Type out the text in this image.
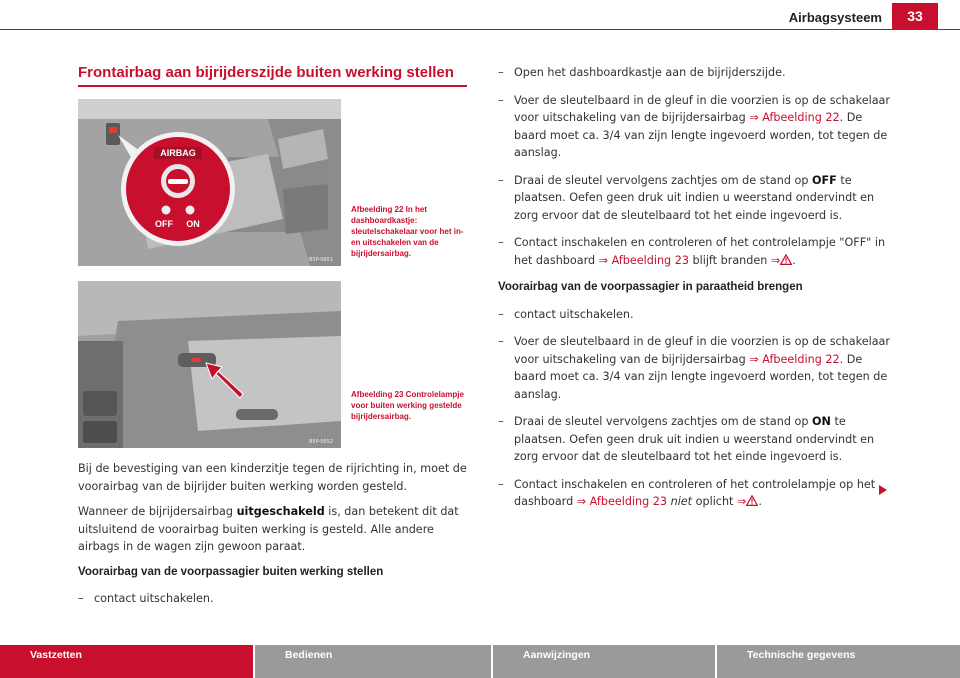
Airbagsysteem	33
Frontairbag aan bijrijderszijde buiten werking stellen
AIRBAG
OFF ON
B5P-0651
Afbeelding 22 In het dashboardkastje: sleutelschakelaar voor het in- en uitschakelen van de bijrijdersairbag.
B5P-0652
Afbeelding 23 Controlelampje voor buiten werking gestelde bijrijdersairbag.

Bij de bevestiging van een kinderzitje tegen de rijrichting in, moet de voorairbag van de bijrijder buiten werking worden gesteld.

Wanneer de bijrijdersairbag uitgeschakeld is, dan betekent dit dat uitsluitend de voorairbag buiten werking is gesteld. Alle andere airbags in de wagen zijn gewoon paraat.

Voorairbag van de voorpassagier buiten werking stellen
– contact uitschakelen.
– Open het dashboardkastje aan de bijrijderszijde.
– Voer de sleutelbaard in de gleuf in die voorzien is op de schakelaar voor uitschakeling van de bijrijdersairbag ⇒ Afbeelding 22. De baard moet ca. 3/4 van zijn lengte ingevoerd worden, tot tegen de aanslag.
– Draai de sleutel vervolgens zachtjes om de stand op OFF te plaatsen. Oefen geen druk uit indien u weerstand ondervindt en zorg ervoor dat de sleutelbaard tot het einde ingevoerd is.
– Contact inschakelen en controleren of het controlelampje "OFF" in het dashboard ⇒ Afbeelding 23 blijft branden ⇒ .
Voorairbag van de voorpassagier in paraatheid brengen
– contact uitschakelen.
– Voer de sleutelbaard in de gleuf in die voorzien is op de schakelaar voor uitschakeling van de bijrijdersairbag ⇒ Afbeelding 22. De baard moet ca. 3/4 van zijn lengte ingevoerd worden, tot tegen de aanslag.
– Draai de sleutel vervolgens zachtjes om de stand op ON te plaatsen. Oefen geen druk uit indien u weerstand ondervindt en zorg ervoor dat de sleutelbaard tot het einde ingevoerd is.
– Contact inschakelen en controleren of het controlelampje op het dashboard ⇒ Afbeelding 23 niet oplicht ⇒ .
Vastzetten	Bedienen	Aanwijzingen	Technische gegevens
